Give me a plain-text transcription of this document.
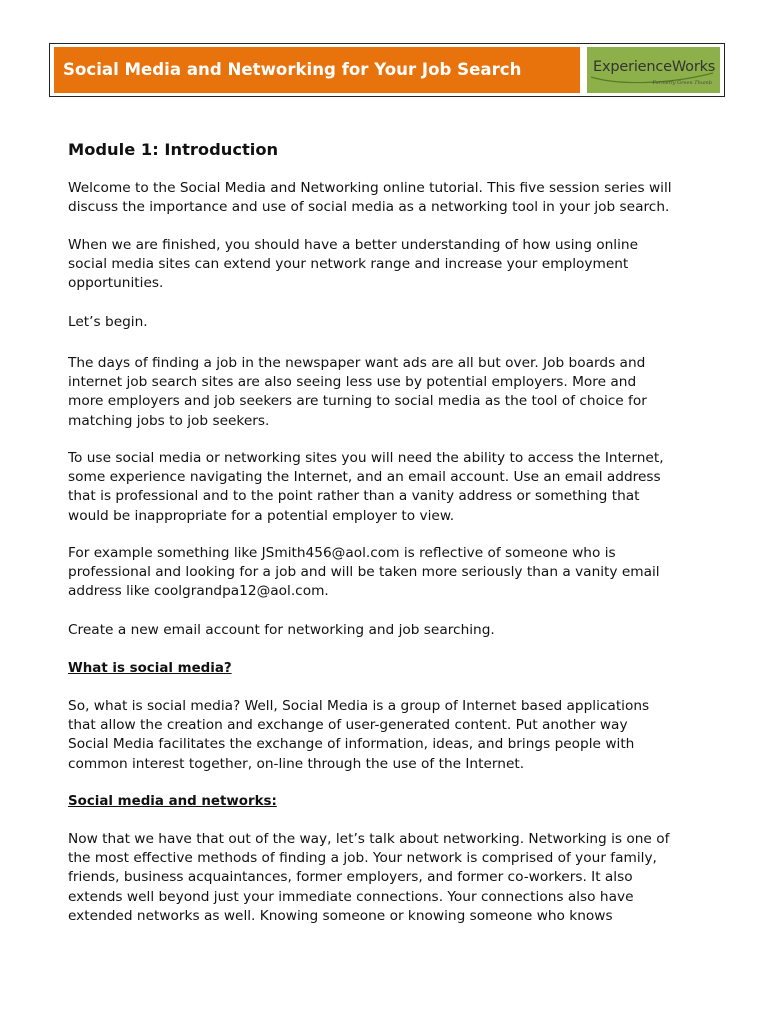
Social Media and Networking for Your Job Search	ExperienceWorks
Formerly Green Thumb
Module 1: Introduction

Welcome to the Social Media and Networking online tutorial. This five session series will
discuss the importance and use of social media as a networking tool in your job search.

When we are finished, you should have a better understanding of how using online
social media sites can extend your network range and increase your employment
opportunities.

Let’s begin.

The days of finding a job in the newspaper want ads are all but over. Job boards and
internet job search sites are also seeing less use by potential employers. More and
more employers and job seekers are turning to social media as the tool of choice for
matching jobs to job seekers.

To use social media or networking sites you will need the ability to access the Internet,
some experience navigating the Internet, and an email account. Use an email address
that is professional and to the point rather than a vanity address or something that
would be inappropriate for a potential employer to view.

For example something like JSmith456@aol.com is reflective of someone who is
professional and looking for a job and will be taken more seriously than a vanity email
address like coolgrandpa12@aol.com.

Create a new email account for networking and job searching.

What is social media?

So, what is social media? Well, Social Media is a group of Internet based applications
that allow the creation and exchange of user-generated content. Put another way
Social Media facilitates the exchange of information, ideas, and brings people with
common interest together, on-line through the use of the Internet.

Social media and networks:

Now that we have that out of the way, let’s talk about networking. Networking is one of
the most effective methods of finding a job. Your network is comprised of your family,
friends, business acquaintances, former employers, and former co-workers. It also
extends well beyond just your immediate connections. Your connections also have
extended networks as well. Knowing someone or knowing someone who knows
